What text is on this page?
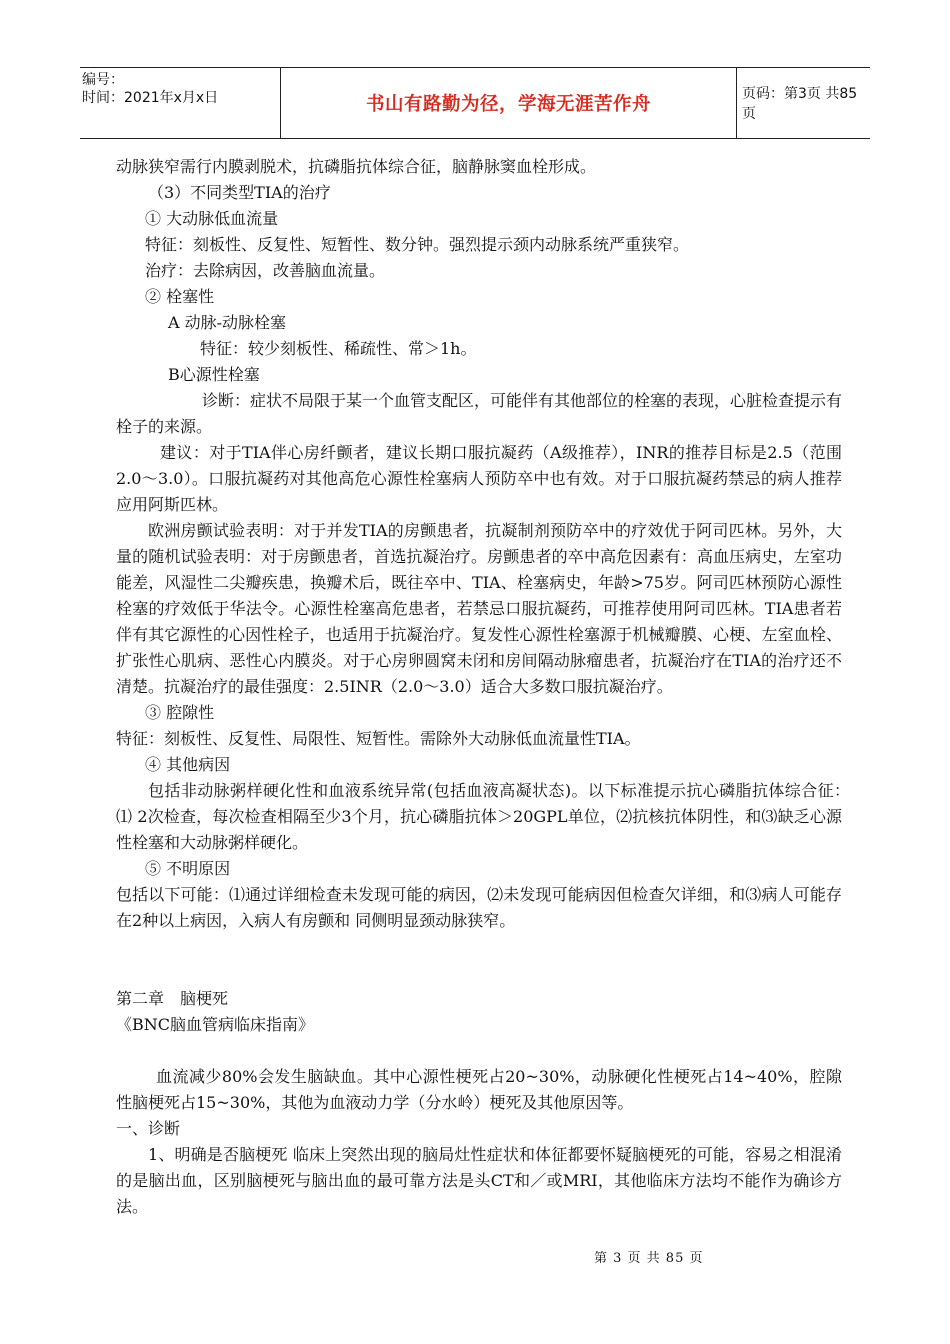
编号：
时间：2021年x月x日	书山有路勤为径，学海无涯苦作舟	页码：第3页 共85页

动脉狭窄需行内膜剥脱术，抗磷脂抗体综合征，脑静脉窦血栓形成。

（3）不同类型TIA的治疗

① 大动脉低血流量

特征：刻板性、反复性、短暂性、数分钟。强烈提示颈内动脉系统严重狭窄。

治疗：去除病因，改善脑血流量。

② 栓塞性

A 动脉-动脉栓塞

特征：较少刻板性、稀疏性、常＞1h。

B心源性栓塞

诊断：症状不局限于某一个血管支配区，可能伴有其他部位的栓塞的表现，心脏检查提示有栓子的来源。

建议：对于TIA伴心房纤颤者，建议长期口服抗凝药（A级推荐），INR的推荐目标是2.5（范围2.0～3.0）。口服抗凝药对其他高危心源性栓塞病人预防卒中也有效。对于口服抗凝药禁忌的病人推荐应用阿斯匹林。

欧洲房颤试验表明：对于并发TIA的房颤患者，抗凝制剂预防卒中的疗效优于阿司匹林。另外，大量的随机试验表明：对于房颤患者，首选抗凝治疗。房颤患者的卒中高危因素有：高血压病史，左室功能差，风湿性二尖瓣疾患，换瓣术后，既往卒中、TIA、栓塞病史，年龄>75岁。阿司匹林预防心源性栓塞的疗效低于华法令。心源性栓塞高危患者，若禁忌口服抗凝药，可推荐使用阿司匹林。TIA患者若伴有其它源性的心因性栓子，也适用于抗凝治疗。复发性心源性栓塞源于机械瓣膜、心梗、左室血栓、扩张性心肌病、恶性心内膜炎。对于心房卵圆窝未闭和房间隔动脉瘤患者，抗凝治疗在TIA的治疗还不清楚。抗凝治疗的最佳强度：2.5INR（2.0～3.0）适合大多数口服抗凝治疗。

③ 腔隙性

特征：刻板性、反复性、局限性、短暂性。需除外大动脉低血流量性TIA。

④ 其他病因

包括非动脉粥样硬化性和血液系统异常(包括血液高凝状态)。以下标准提示抗心磷脂抗体综合征：　 ⑴ 2次检查，每次检查相隔至少3个月，抗心磷脂抗体＞20GPL单位，⑵抗核抗体阴性，和⑶缺乏心源性栓塞和大动脉粥样硬化。

⑤ 不明原因

包括以下可能：⑴通过详细检查未发现可能的病因，⑵未发现可能病因但检查欠详细，和⑶病人可能存在2种以上病因，入病人有房颤和 同侧明显颈动脉狭窄。

第二章　脑梗死

《BNC脑血管病临床指南》

血流减少80%会发生脑缺血。其中心源性梗死占20~30%，动脉硬化性梗死占14~40%，腔隙性脑梗死占15~30%，其他为血液动力学（分水岭）梗死及其他原因等。

一、诊断

1、明确是否脑梗死 临床上突然出现的脑局灶性症状和体征都要怀疑脑梗死的可能，容易之相混淆的是脑出血，区别脑梗死与脑出血的最可靠方法是头CT和／或MRI，其他临床方法均不能作为确诊方法。

第 3 页 共 85 页
